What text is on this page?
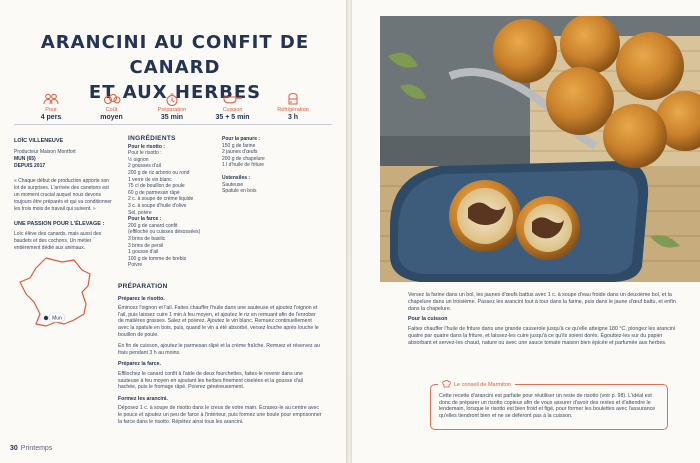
ARANCINI AU CONFIT DE CANARD
ET AUX HERBES
Pour
4 pers
Coût
moyen
Préparation
35 min
Cuisson
35 + 5 min
Réfrigération
3 h
LOÏC VILLENEUVE
Producteur Maison Montfort
MUN (65)
DEPUIS 2017
« Chaque début de production apporte son lot de surprises. L'arrivée des canetons est un moment crucial auquel nous devons toujours être préparés et qui va conditionner les trois mois de travail qui suivent. »
UNE PASSION POUR L'ÉLEVAGE :
Loïc élève des canards, mais aussi des baudets et des cochons. Un métier entièrement dédié aux animaux.
Mun
INGRÉDIENTS
Pour le risotto :
Pour le risotto :
½ oignon
2 gousses d'ail
200 g de riz arborio ou rond
1 verre de vin blanc
75 cl de bouillon de poule
60 g de parmesan râpé
2 c. à soupe de crème liquide
3 c. à soupe d'huile d'olive
Sel, poivre
Pour la farce :
200 g de canard confit
(effiloché ou cuisses désossées)
3 brins de basilic
3 brins de persil
1 gousse d'ail
100 g de tomme de brebis
Poivre
Pour la panure :
150 g de farine
2 jaunes d'œufs
200 g de chapelure
1 l d'huile de friture
Ustensiles :
Sauteuse
Spatule en bois
PRÉPARATION
Préparez le risotto.

Émincez l'oignon et l'ail. Faites chauffer l'huile dans une sauteuse et ajoutez l'oignon et l'ail, puis laissez cuire 1 min à feu moyen, et ajoutez le riz en remuant afin de l'enrober de matières grasses. Salez et poivrez. Ajoutez le vin blanc. Remuez continuellement avec la spatule en bois, puis, quand le vin a été absorbé, versez louche après louche le bouillon de poule.

En fin de cuisson, ajoutez le parmesan râpé et la crème fraîche. Remuez et réservez au frais pendant 3 h au moins.

Préparez la farce.

Effilochez le canard confit à l'aide de deux fourchettes, faites-le revenir dans une sauteuse à feu moyen en ajoutant les herbes finement ciselées et la gousse d'ail hachée, puis le fromage râpé. Poivrez généreusement.

Formez les arancini.

Déposez 1 c. à soupe de risotto dans le creux de votre main. Écrasez-le au centre avec le pouce et ajoutez un peu de farce à l'intérieur, puis formez une boule pour emprisonner la farce dans le risotto. Répétez ainsi tous les arancini.

30 Printemps

Versez la farine dans un bol, les jaunes d'œufs battus avec 1 c. à soupe d'eau froide dans un deuxième bol, et la chapelure dans un troisième. Passez les arancini tout à tour dans la farine, puis dans le jaune d'œuf battu, et enfin dans la chapelure.

Pour la cuisson

Faites chauffer l'huile de friture dans une grande casserole jusqu'à ce qu'elle atteigne 180 °C, plongez les arancini quatre par quatre dans la friture, et laissez-les cuire jusqu'à ce qu'ils soient dorés. Égouttez-les sur du papier absorbant et servez-les chaud, nature ou avec une sauce tomate maison bien épicée et parfumée aux herbes.

Cette recette d'arancini est parfaite pour réutiliser un reste de risotto (voir p. 98). L'idéal est donc de préparer un risotto copieux afin de vous assurer d'avoir des restes et d'attendre le lendemain, lorsque le risotto est bien froid et figé, pour former les boulettes avec l'assurance qu'elles tiendront bien et ne se déferont pas à la cuisson.
Le conseil de Marmiton
